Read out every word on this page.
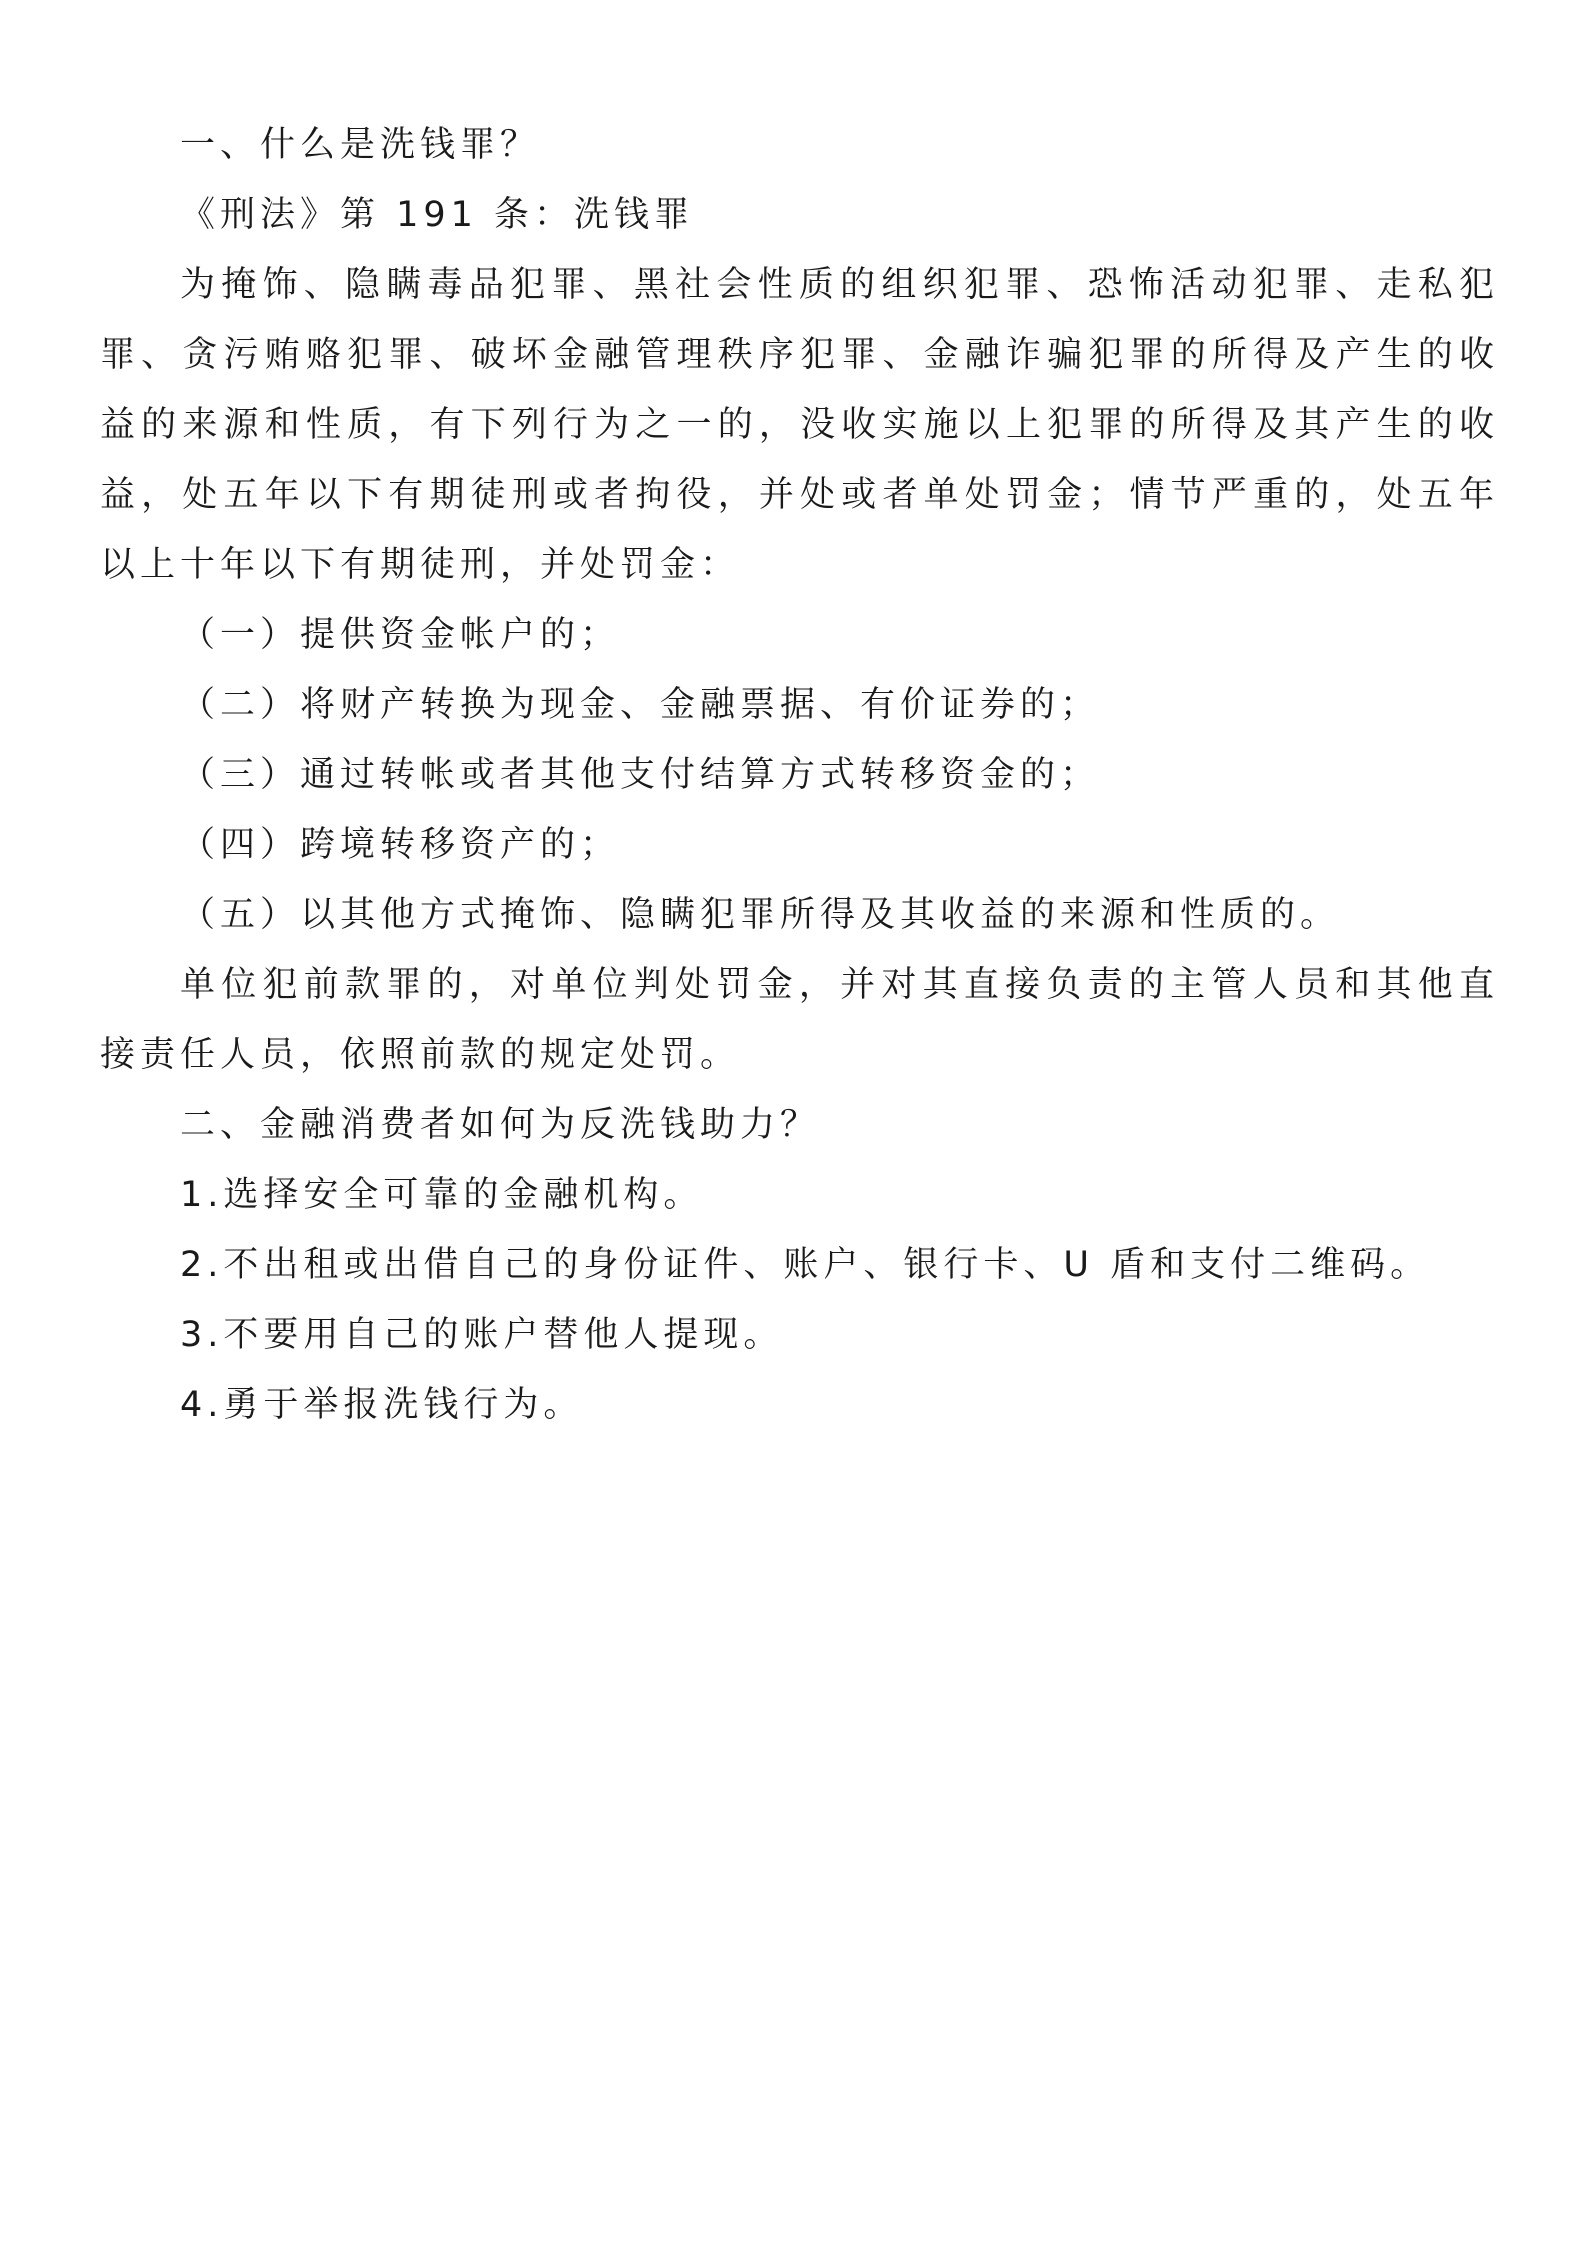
一、什么是洗钱罪？

《刑法》第 191 条：洗钱罪

为掩饰、隐瞒毒品犯罪、黑社会性质的组织犯罪、恐怖活动犯罪、走私犯罪、贪污贿赂犯罪、破坏金融管理秩序犯罪、金融诈骗犯罪的所得及产生的收益的来源和性质，有下列行为之一的，没收实施以上犯罪的所得及其产生的收益，处五年以下有期徒刑或者拘役，并处或者单处罚金；情节严重的，处五年以上十年以下有期徒刑，并处罚金：

（一）提供资金帐户的；

（二）将财产转换为现金、金融票据、有价证券的；

（三）通过转帐或者其他支付结算方式转移资金的；

（四）跨境转移资产的；

（五）以其他方式掩饰、隐瞒犯罪所得及其收益的来源和性质的。

单位犯前款罪的，对单位判处罚金，并对其直接负责的主管人员和其他直接责任人员，依照前款的规定处罚。

二、金融消费者如何为反洗钱助力？

1.选择安全可靠的金融机构。

2.不出租或出借自己的身份证件、账户、银行卡、U 盾和支付二维码。

3.不要用自己的账户替他人提现。

4.勇于举报洗钱行为。
